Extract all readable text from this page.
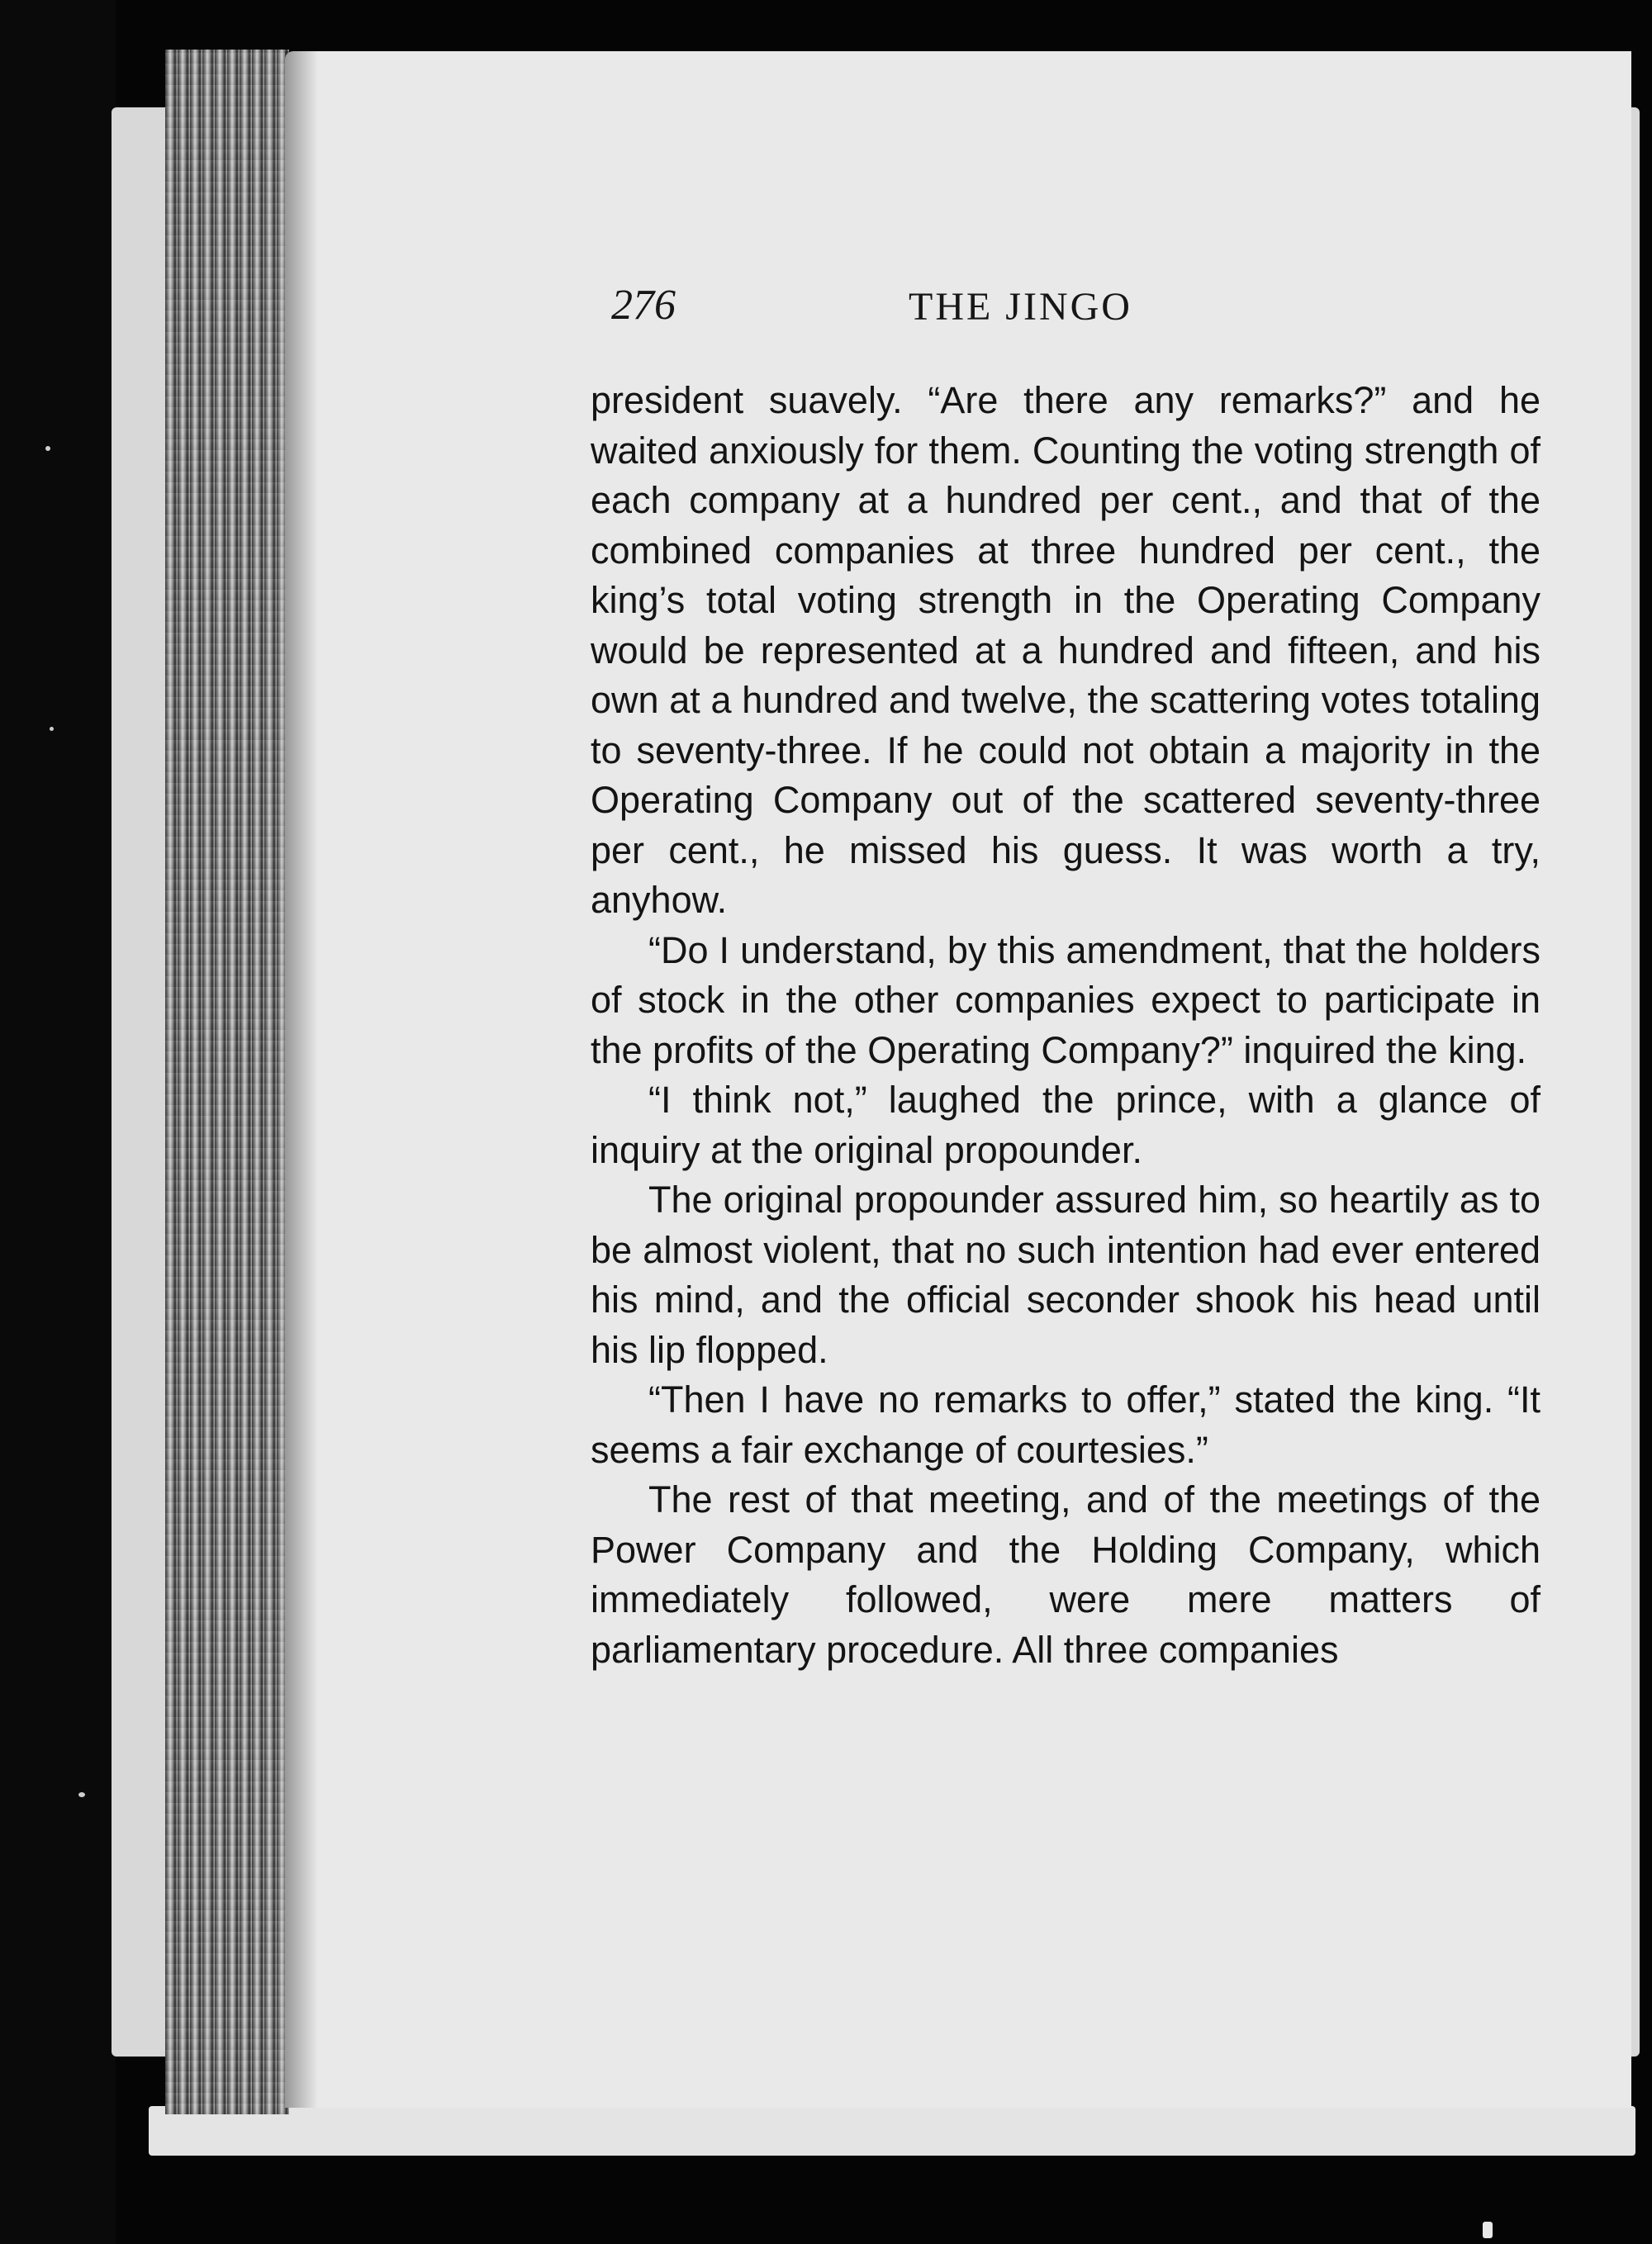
276	THE JINGO

president suavely. “Are there any remarks?” and he waited anxiously for them. Counting the voting strength of each company at a hundred per cent., and that of the combined companies at three hundred per cent., the king’s total voting strength in the Operating Company would be represented at a hundred and fifteen, and his own at a hundred and twelve, the scattering votes totaling to seventy-three. If he could not obtain a majority in the Operating Company out of the scattered seventy-three per cent., he missed his guess. It was worth a try, anyhow.

“Do I understand, by this amendment, that the holders of stock in the other companies expect to participate in the profits of the Operating Company?” inquired the king.

“I think not,” laughed the prince, with a glance of inquiry at the original propounder.

The original propounder assured him, so heartily as to be almost violent, that no such intention had ever entered his mind, and the official seconder shook his head until his lip flopped.

“Then I have no remarks to offer,” stated the king. “It seems a fair exchange of courtesies.”

The rest of that meeting, and of the meetings of the Power Company and the Holding Company, which immediately followed, were mere matters of parliamentary procedure. All three companies
